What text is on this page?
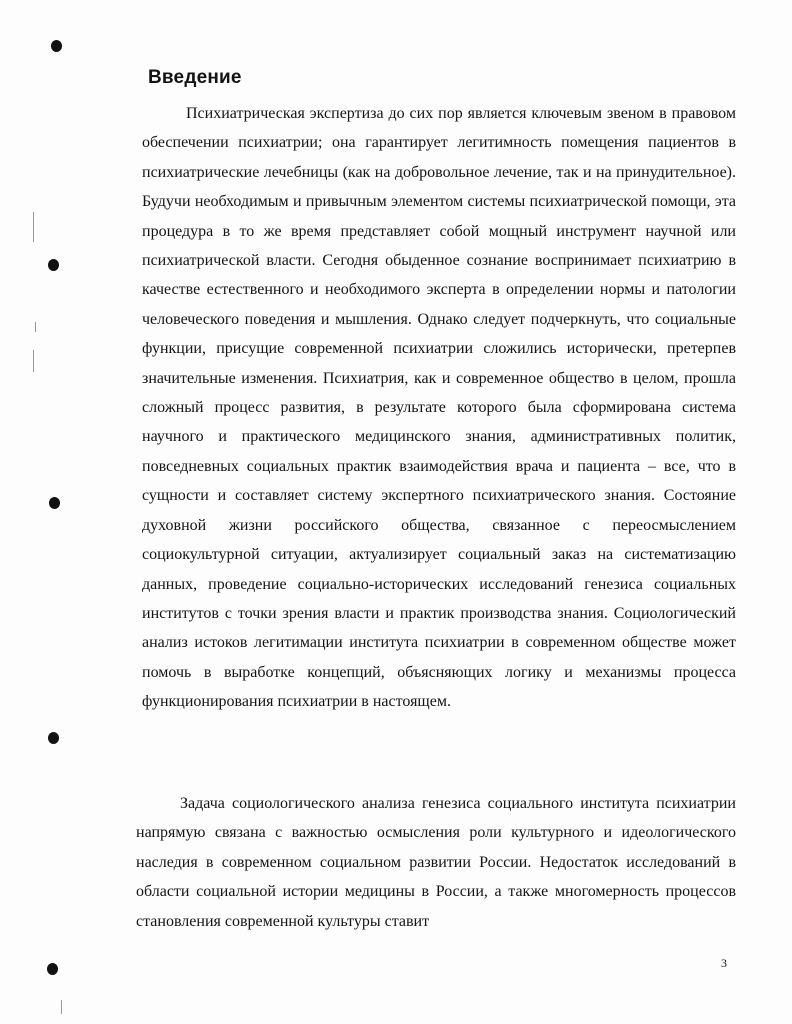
Введение

Психиатрическая экспертиза до сих пор является ключевым звеном в правовом обеспечении психиатрии; она гарантирует легитимность помещения пациентов в психиатрические лечебницы (как на добровольное лечение, так и на принудительное). Будучи необходимым и привычным элементом системы психиатрической помощи, эта процедура в то же время представляет собой мощный инструмент научной или психиатрической власти. Сегодня обыденное сознание воспринимает психиатрию в качестве естественного и необходимого эксперта в определении нормы и патологии человеческого поведения и мышления. Однако следует подчеркнуть, что социальные функции, присущие современной психиатрии сложились исторически, претерпев значительные изменения. Психиатрия, как и современное общество в целом, прошла сложный процесс развития, в результате которого была сформирована система научного и практического медицинского знания, административных политик, повседневных социальных практик взаимодействия врача и пациента – все, что в сущности и составляет систему экспертного психиатрического знания. Состояние духовной жизни российского общества, связанное с переосмыслением социокультурной ситуации, актуализирует социальный заказ на систематизацию данных, проведение социально-исторических исследований генезиса социальных институтов с точки зрения власти и практик производства знания. Социологический анализ истоков легитимации института психиатрии в современном обществе может помочь в выработке концепций, объясняющих логику и механизмы процесса функционирования психиатрии в настоящем.

Задача социологического анализа генезиса социального института психиатрии напрямую связана с важностью осмысления роли культурного и идеологического наследия в современном социальном развитии России. Недостаток исследований в области социальной истории медицины в России, а также многомерность процессов становления современной культуры ставит

3
